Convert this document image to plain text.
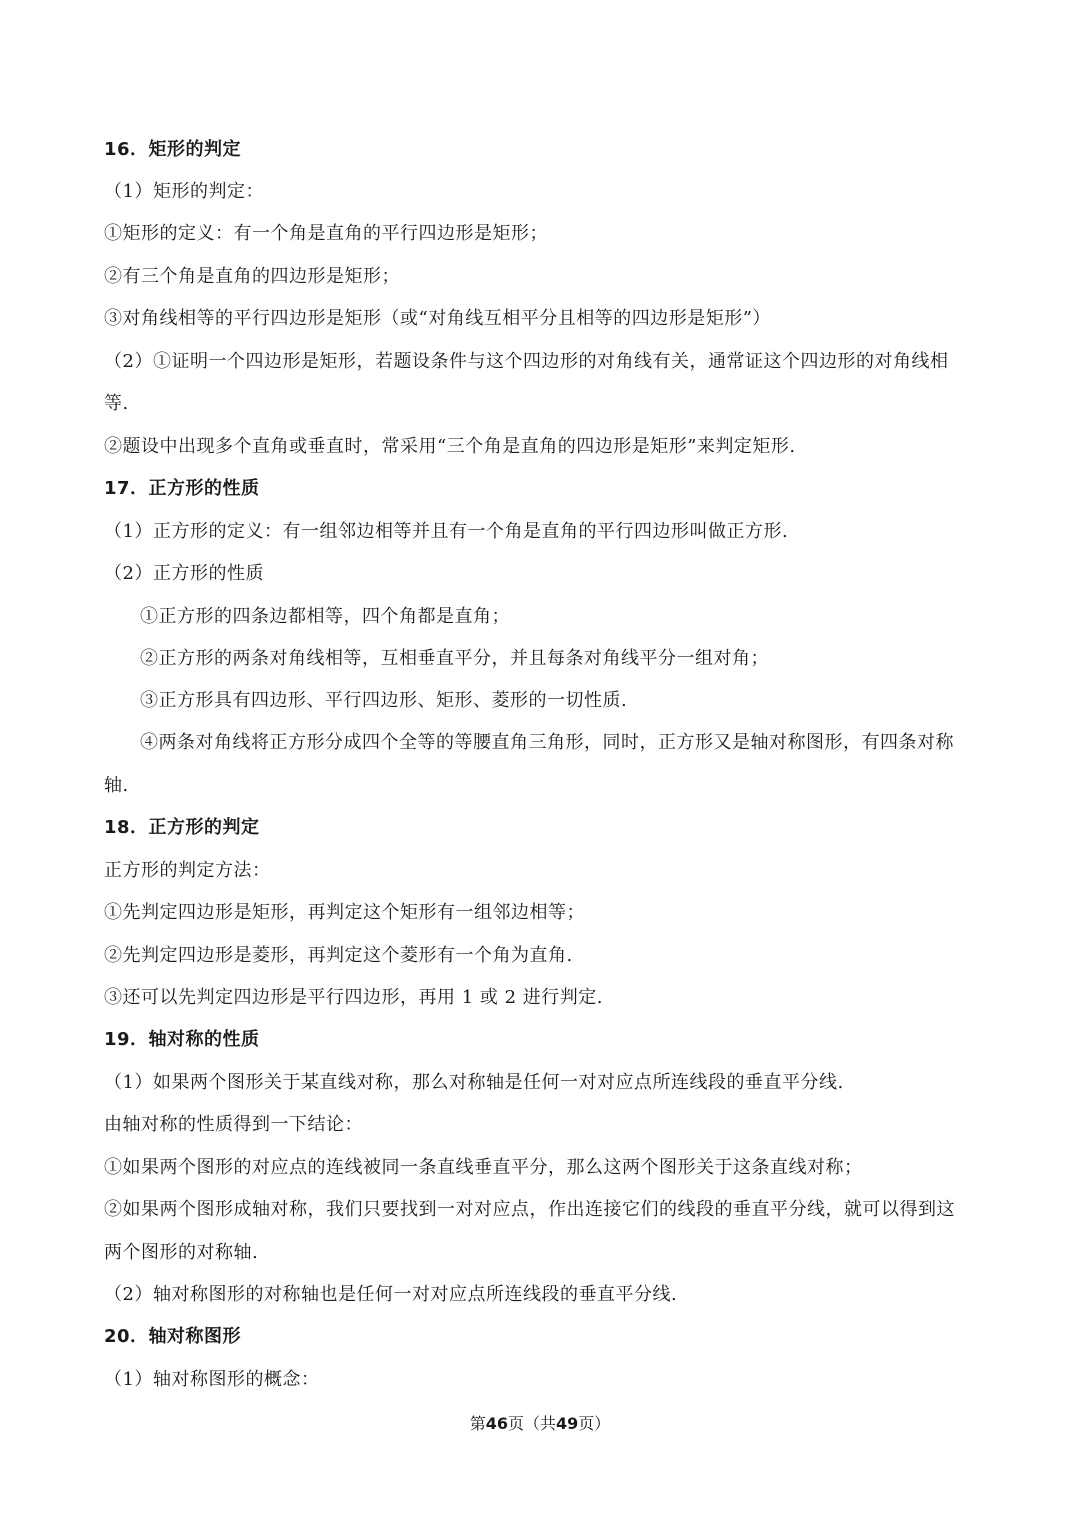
16．矩形的判定
（1）矩形的判定：
①矩形的定义：有一个角是直角的平行四边形是矩形；
②有三个角是直角的四边形是矩形；
③对角线相等的平行四边形是矩形（或“对角线互相平分且相等的四边形是矩形”）
（2）①证明一个四边形是矩形，若题设条件与这个四边形的对角线有关，通常证这个四边形的对角线相
等.
②题设中出现多个直角或垂直时，常采用“三个角是直角的四边形是矩形”来判定矩形.
17．正方形的性质
（1）正方形的定义：有一组邻边相等并且有一个角是直角的平行四边形叫做正方形.
（2）正方形的性质
①正方形的四条边都相等，四个角都是直角；
②正方形的两条对角线相等，互相垂直平分，并且每条对角线平分一组对角；
③正方形具有四边形、平行四边形、矩形、菱形的一切性质.
④两条对角线将正方形分成四个全等的等腰直角三角形，同时，正方形又是轴对称图形，有四条对称
轴.
18．正方形的判定
正方形的判定方法：
①先判定四边形是矩形，再判定这个矩形有一组邻边相等；
②先判定四边形是菱形，再判定这个菱形有一个角为直角.
③还可以先判定四边形是平行四边形，再用 1 或 2 进行判定.
19．轴对称的性质
（1）如果两个图形关于某直线对称，那么对称轴是任何一对对应点所连线段的垂直平分线.
由轴对称的性质得到一下结论：
①如果两个图形的对应点的连线被同一条直线垂直平分，那么这两个图形关于这条直线对称；
②如果两个图形成轴对称，我们只要找到一对对应点，作出连接它们的线段的垂直平分线，就可以得到这
两个图形的对称轴.
（2）轴对称图形的对称轴也是任何一对对应点所连线段的垂直平分线.
20．轴对称图形
（1）轴对称图形的概念：
第46页（共49页）
